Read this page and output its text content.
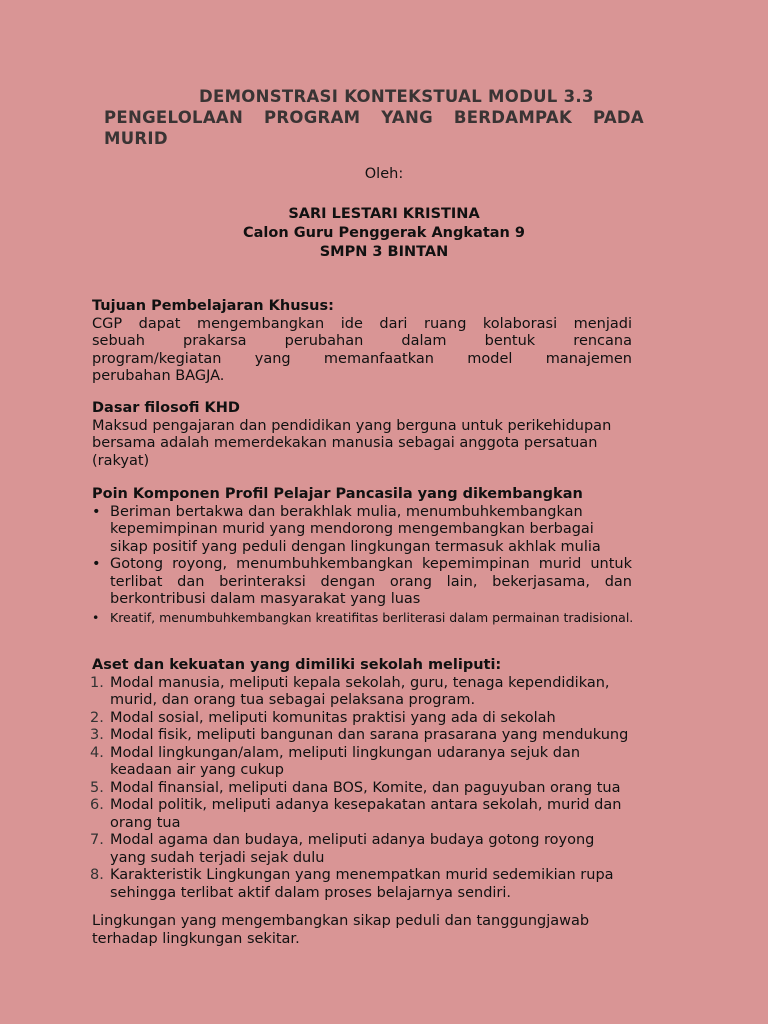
DEMONSTRASI KONTEKSTUAL MODUL 3.3
PENGELOLAAN PROGRAM YANG BERDAMPAK PADA
MURID
Oleh:
SARI LESTARI KRISTINA
Calon Guru Penggerak Angkatan 9
SMPN 3 BINTAN
Tujuan Pembelajaran Khusus:
CGP dapat mengembangkan ide dari ruang kolaborasi menjadi
sebuah prakarsa perubahan dalam bentuk rencana
program/kegiatan yang memanfaatkan model manajemen
perubahan BAGJA.
Dasar filosofi KHD
Maksud pengajaran dan pendidikan yang berguna untuk perikehidupan bersama adalah memerdekakan manusia sebagai anggota persatuan (rakyat)
Poin Komponen Profil Pelajar Pancasila yang dikembangkan
• Beriman bertakwa dan berakhlak mulia, menumbuhkembangkan kepemimpinan murid yang mendorong mengembangkan berbagai sikap positif yang peduli dengan lingkungan termasuk akhlak mulia
• Gotong royong, menumbuhkembangkan kepemimpinan murid untuk terlibat dan berinteraksi dengan orang lain, bekerjasama, dan berkontribusi dalam masyarakat yang luas
• Kreatif, menumbuhkembangkan kreatifitas berliterasi dalam permainan tradisional.
Aset dan kekuatan yang dimiliki sekolah meliputi:
1. Modal manusia, meliputi kepala sekolah, guru, tenaga kependidikan, murid, dan orang tua sebagai pelaksana program.
2. Modal sosial, meliputi komunitas praktisi yang ada di sekolah
3. Modal fisik, meliputi bangunan dan sarana prasarana yang mendukung
4. Modal lingkungan/alam, meliputi lingkungan udaranya sejuk dan keadaan air yang cukup
5. Modal finansial, meliputi dana BOS, Komite, dan paguyuban orang tua
6. Modal politik, meliputi adanya kesepakatan antara sekolah, murid dan orang tua
7. Modal agama dan budaya, meliputi adanya budaya gotong royong yang sudah terjadi sejak dulu
8. Karakteristik Lingkungan yang menempatkan murid sedemikian rupa sehingga terlibat aktif dalam proses belajarnya sendiri.
Lingkungan yang mengembangkan sikap peduli dan tanggungjawab terhadap lingkungan sekitar.
